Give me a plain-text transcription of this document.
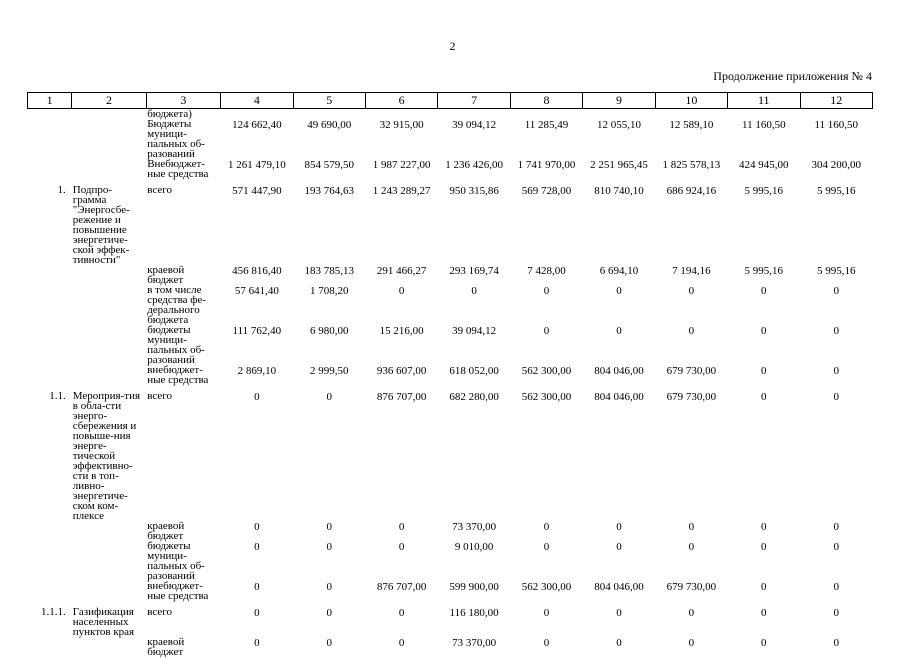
2
Продолжение приложения № 4
1	2	3	4	5	6	7	8	9	10	11	12
		бюджета)									
		Бюджеты муници-пальных об-разований	124 662,40	49 690,00	32 915,00	39 094,12	11 285,49	12 055,10	12 589,10	11 160,50	11 160,50
		Внебюджет-ные средства	1 261 479,10	854 579,50	1 987 227,00	1 236 426,00	1 741 970,00	2 251 965,45	1 825 578,13	424 945,00	304 200,00
1.	Подпро-грамма "Энергосбе-режение и повышение энергетиче-ской эффек-тивности"	всего	571 447,90	193 764,63	1 243 289,27	950 315,86	569 728,00	810 740,10	686 924,16	5 995,16	5 995,16
		краевой бюджет	456 816,40	183 785,13	291 466,27	293 169,74	7 428,00	6 694,10	7 194,16	5 995,16	5 995,16
		в том числе средства фе-дерального бюджета	57 641,40	1 708,20	0	0	0	0	0	0	0
		бюджеты муници-пальных об-разований	111 762,40	6 980,00	15 216,00	39 094,12	0	0	0	0	0
		внебюджет-ные средства	2 869,10	2 999,50	936 607,00	618 052,00	562 300,00	804 046,00	679 730,00	0	0
1.1.	Мероприя-тия в обла-сти энерго-сбережения и повыше-ния энерге-тической эффективно-сти в топ-ливно-энергетиче-ском ком-плексе	всего	0	0	876 707,00	682 280,00	562 300,00	804 046,00	679 730,00	0	0
		краевой бюджет	0	0	0	73 370,00	0	0	0	0	0
		бюджеты муници-пальных об-разований	0	0	0	9 010,00	0	0	0	0	0
		внебюджет-ные средства	0	0	876 707,00	599 900,00	562 300,00	804 046,00	679 730,00	0	0
1.1.1.	Газификация населенных пунктов края	всего	0	0	0	116 180,00	0	0	0	0	0
		краевой бюджет	0	0	0	73 370,00	0	0	0	0	0
